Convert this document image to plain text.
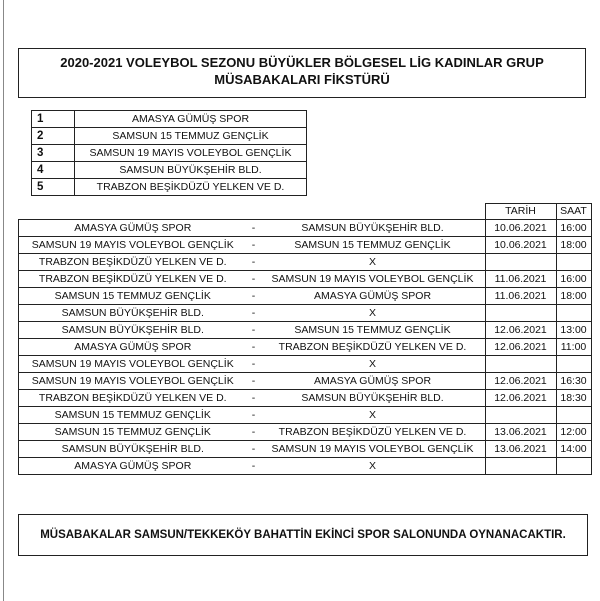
2020-2021 VOLEYBOL SEZONU BÜYÜKLER BÖLGESEL LİG KADINLAR GRUP
MÜSABAKALARI FİKSTÜRÜ
1	AMASYA GÜMÜŞ SPOR
2	SAMSUN 15 TEMMUZ GENÇLİK
3	SAMSUN 19 MAYIS VOLEYBOL GENÇLİK
4	SAMSUN BÜYÜKŞEHİR BLD.
5	TRABZON BEŞİKDÜZÜ YELKEN VE D.
			TARİH	SAAT
AMASYA GÜMÜŞ SPOR	-	SAMSUN BÜYÜKŞEHİR BLD.	10.06.2021	16:00
SAMSUN 19 MAYIS VOLEYBOL GENÇLİK	-	SAMSUN 15 TEMMUZ GENÇLİK	10.06.2021	18:00
TRABZON BEŞİKDÜZÜ YELKEN VE D.	-	X		
TRABZON BEŞİKDÜZÜ YELKEN VE D.	-	SAMSUN 19 MAYIS VOLEYBOL GENÇLİK	11.06.2021	16:00
SAMSUN 15 TEMMUZ GENÇLİK	-	AMASYA GÜMÜŞ SPOR	11.06.2021	18:00
SAMSUN BÜYÜKŞEHİR BLD.	-	X		
SAMSUN BÜYÜKŞEHİR BLD.	-	SAMSUN 15 TEMMUZ GENÇLİK	12.06.2021	13:00
AMASYA GÜMÜŞ SPOR	-	TRABZON BEŞİKDÜZÜ YELKEN VE D.	12.06.2021	11:00
SAMSUN 19 MAYIS VOLEYBOL GENÇLİK	-	X		
SAMSUN 19 MAYIS VOLEYBOL GENÇLİK	-	AMASYA GÜMÜŞ SPOR	12.06.2021	16:30
TRABZON BEŞİKDÜZÜ YELKEN VE D.	-	SAMSUN BÜYÜKŞEHİR BLD.	12.06.2021	18:30
SAMSUN 15 TEMMUZ GENÇLİK	-	X		
SAMSUN 15 TEMMUZ GENÇLİK	-	TRABZON BEŞİKDÜZÜ YELKEN VE D.	13.06.2021	12:00
SAMSUN BÜYÜKŞEHİR BLD.	-	SAMSUN 19 MAYIS VOLEYBOL GENÇLİK	13.06.2021	14:00
AMASYA GÜMÜŞ SPOR	-	X		
MÜSABAKALAR SAMSUN/TEKKEKÖY BAHATTİN EKİNCİ SPOR SALONUNDA OYNANACAKTIR.
